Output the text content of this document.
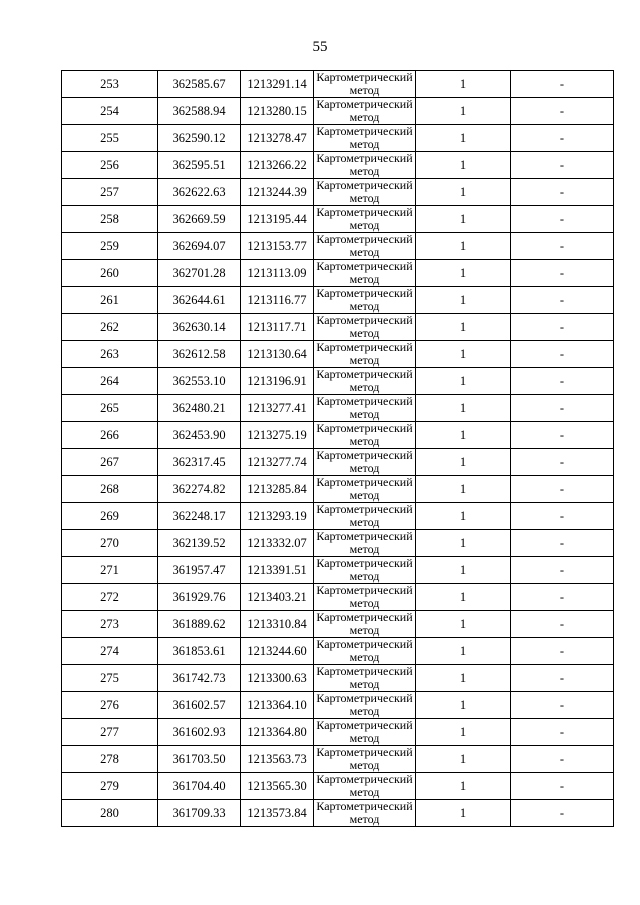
55
253	362585.67	1213291.14	Картометрический метод	1	-
254	362588.94	1213280.15	Картометрический метод	1	-
255	362590.12	1213278.47	Картометрический метод	1	-
256	362595.51	1213266.22	Картометрический метод	1	-
257	362622.63	1213244.39	Картометрический метод	1	-
258	362669.59	1213195.44	Картометрический метод	1	-
259	362694.07	1213153.77	Картометрический метод	1	-
260	362701.28	1213113.09	Картометрический метод	1	-
261	362644.61	1213116.77	Картометрический метод	1	-
262	362630.14	1213117.71	Картометрический метод	1	-
263	362612.58	1213130.64	Картометрический метод	1	-
264	362553.10	1213196.91	Картометрический метод	1	-
265	362480.21	1213277.41	Картометрический метод	1	-
266	362453.90	1213275.19	Картометрический метод	1	-
267	362317.45	1213277.74	Картометрический метод	1	-
268	362274.82	1213285.84	Картометрический метод	1	-
269	362248.17	1213293.19	Картометрический метод	1	-
270	362139.52	1213332.07	Картометрический метод	1	-
271	361957.47	1213391.51	Картометрический метод	1	-
272	361929.76	1213403.21	Картометрический метод	1	-
273	361889.62	1213310.84	Картометрический метод	1	-
274	361853.61	1213244.60	Картометрический метод	1	-
275	361742.73	1213300.63	Картометрический метод	1	-
276	361602.57	1213364.10	Картометрический метод	1	-
277	361602.93	1213364.80	Картометрический метод	1	-
278	361703.50	1213563.73	Картометрический метод	1	-
279	361704.40	1213565.30	Картометрический метод	1	-
280	361709.33	1213573.84	Картометрический метод	1	-
